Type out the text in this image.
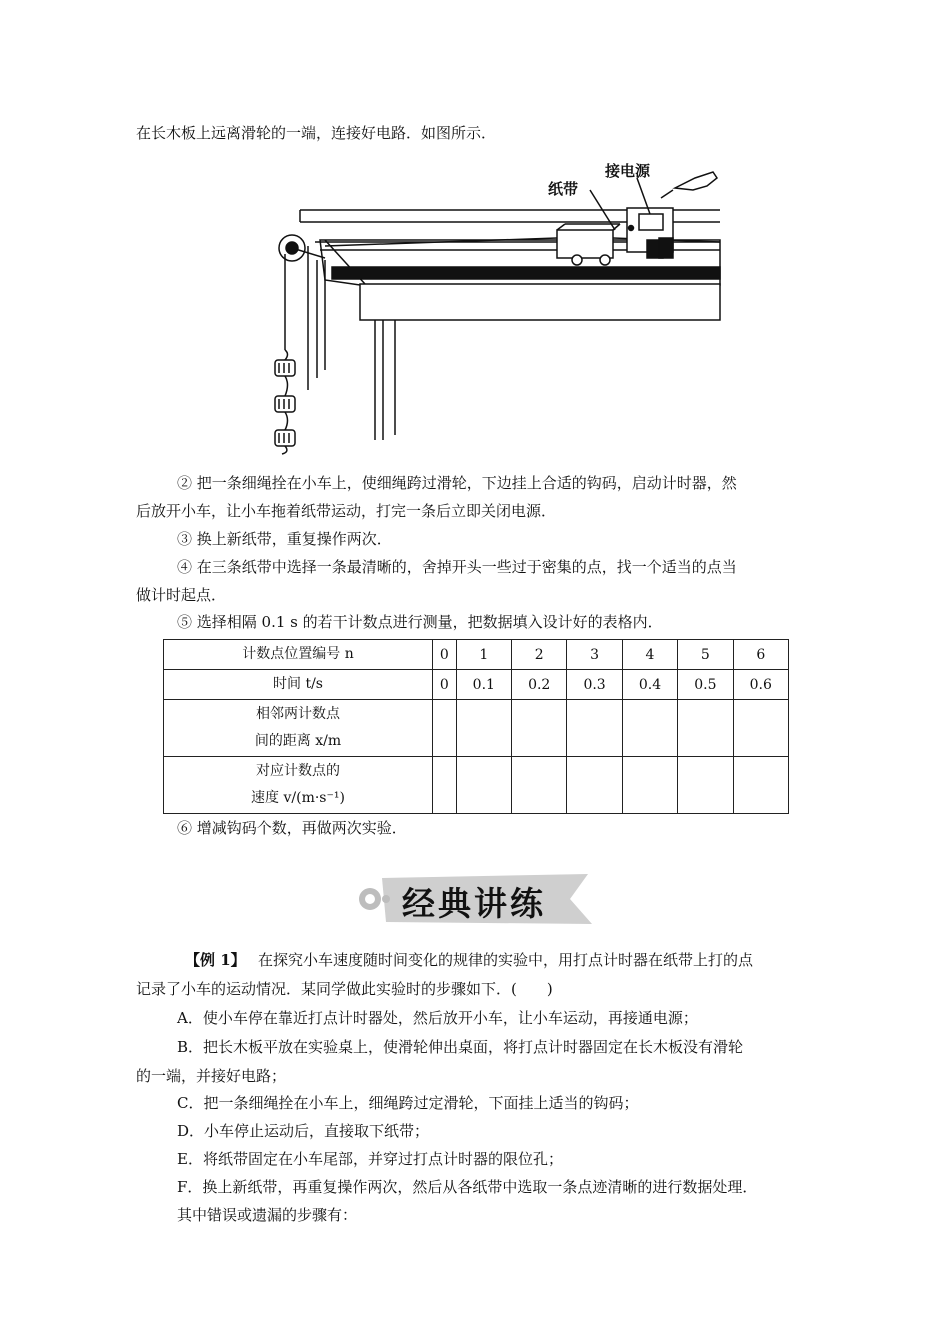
在长木板上远离滑轮的一端，连接好电路．如图所示．
纸带
接电源
② 把一条细绳拴在小车上，使细绳跨过滑轮，下边挂上合适的钩码，启动计时器，然
后放开小车，让小车拖着纸带运动，打完一条后立即关闭电源．
③ 换上新纸带，重复操作两次．
④ 在三条纸带中选择一条最清晰的，舍掉开头一些过于密集的点，找一个适当的点当
做计时起点．
⑤ 选择相隔 0.1 s 的若干计数点进行测量，把数据填入设计好的表格内．
计数点位置编号 n	0	1	2	3	4	5	6
时间 t/s	0	0.1	0.2	0.3	0.4	0.5	0.6

相邻两计数点
间的距离 x/m							

对应计数点的
速度 v/(m·s⁻¹)							

⑥ 增减钩码个数，再做两次实验．
经典讲练
【例 1】 在探究小车速度随时间变化的规律的实验中，用打点计时器在纸带上打的点
记录了小车的运动情况．某同学做此实验时的步骤如下．(　　)
A．使小车停在靠近打点计时器处，然后放开小车，让小车运动，再接通电源；
B．把长木板平放在实验桌上，使滑轮伸出桌面，将打点计时器固定在长木板没有滑轮
的一端，并接好电路；
C．把一条细绳拴在小车上，细绳跨过定滑轮，下面挂上适当的钩码；
D．小车停止运动后，直接取下纸带；
E．将纸带固定在小车尾部，并穿过打点计时器的限位孔；
F．换上新纸带，再重复操作两次，然后从各纸带中选取一条点迹清晰的进行数据处理．
其中错误或遗漏的步骤有：
